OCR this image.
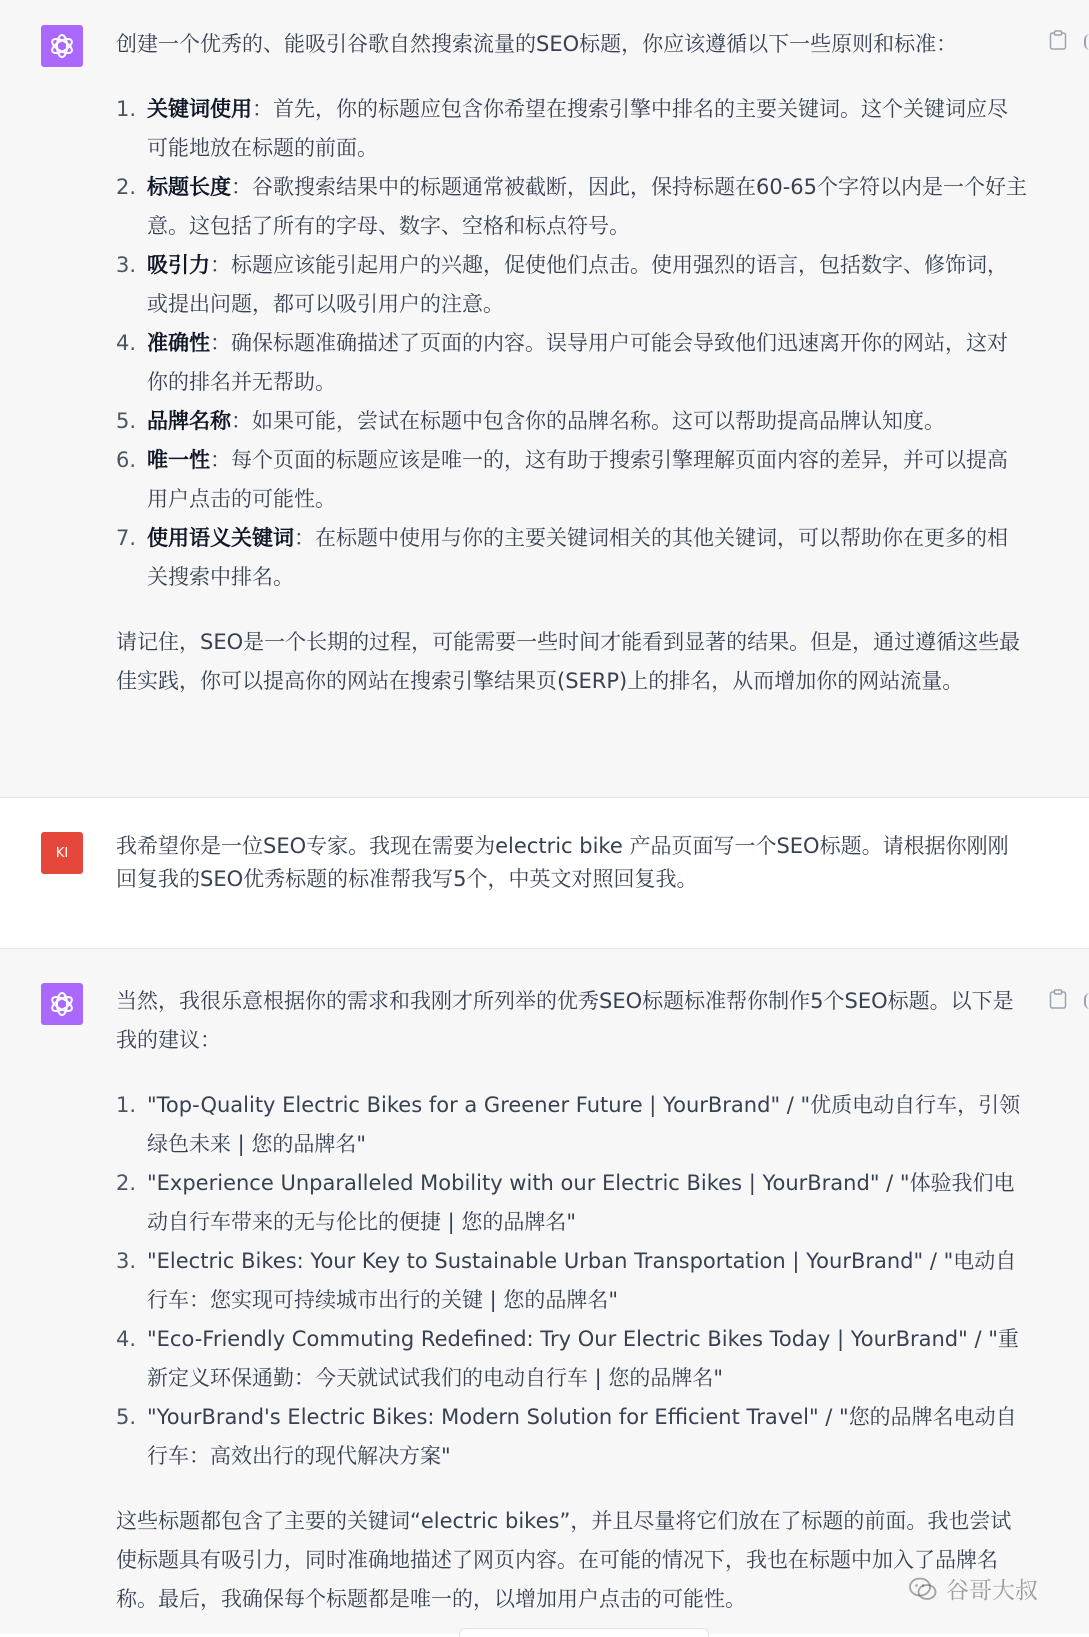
创建一个优秀的、能吸引谷歌自然搜索流量的SEO标题，你应该遵循以下一些原则和标准：

1. 关键词使用：首先，你的标题应包含你希望在搜索引擎中排名的主要关键词。这个关键词应尽可能地放在标题的前面。
2. 标题长度：谷歌搜索结果中的标题通常被截断，因此，保持标题在60-65个字符以内是一个好主意。这包括了所有的字母、数字、空格和标点符号。
3. 吸引力：标题应该能引起用户的兴趣，促使他们点击。使用强烈的语言，包括数字、修饰词，或提出问题，都可以吸引用户的注意。
4. 准确性：确保标题准确描述了页面的内容。误导用户可能会导致他们迅速离开你的网站，这对你的排名并无帮助。
5. 品牌名称：如果可能，尝试在标题中包含你的品牌名称。这可以帮助提高品牌认知度。
6. 唯一性：每个页面的标题应该是唯一的，这有助于搜索引擎理解页面内容的差异，并可以提高用户点击的可能性。
7. 使用语义关键词：在标题中使用与你的主要关键词相关的其他关键词，可以帮助你在更多的相关搜索中排名。

请记住，SEO是一个长期的过程，可能需要一些时间才能看到显著的结果。但是，通过遵循这些最佳实践，你可以提高你的网站在搜索引擎结果页(SERP)上的排名，从而增加你的网站流量。

KI 我希望你是一位SEO专家。我现在需要为electric bike 产品页面写一个SEO标题。请根据你刚刚回复我的SEO优秀标题的标准帮我写5个，中英文对照回复我。

当然，我很乐意根据你的需求和我刚才所列举的优秀SEO标题标准帮你制作5个SEO标题。以下是我的建议：

1. "Top-Quality Electric Bikes for a Greener Future | YourBrand" / "优质电动自行车，引领绿色未来 | 您的品牌名"
2. "Experience Unparalleled Mobility with our Electric Bikes | YourBrand" / "体验我们电动自行车带来的无与伦比的便捷 | 您的品牌名"
3. "Electric Bikes: Your Key to Sustainable Urban Transportation | YourBrand" / "电动自行车：您实现可持续城市出行的关键 | 您的品牌名"
4. "Eco-Friendly Commuting Redefined: Try Our Electric Bikes Today | YourBrand" / "重新定义环保通勤：今天就试试我们的电动自行车 | 您的品牌名"
5. "YourBrand's Electric Bikes: Modern Solution for Efficient Travel" / "您的品牌名电动自行车：高效出行的现代解决方案"

这些标题都包含了主要的关键词“electric bikes”，并且尽量将它们放在了标题的前面。我也尝试使标题具有吸引力，同时准确地描述了网页内容。在可能的情况下，我也在标题中加入了品牌名称。最后，我确保每个标题都是唯一的，以增加用户点击的可能性。	谷哥大叔
